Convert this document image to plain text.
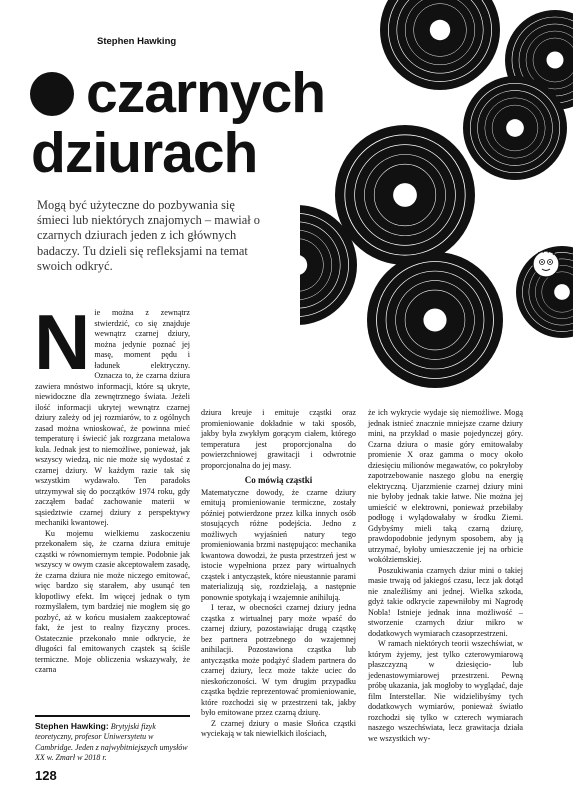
Stephen Hawking
czarnych
dziurach
Mogą być użyteczne do pozbywania się śmieci lub niektórych znajomych – mawiał o czarnych dziurach jeden z ich głównych badaczy. Tu dzieli się refleksjami na temat swoich odkryć.
N ie można z zewnątrz stwierdzić, co się znajduje wewnątrz czarnej dziury, można jedynie poznać jej masę, moment pędu i ładunek elektryczny. Oznacza to, że czarna dziura zawiera mnóstwo informacji, które są ukryte, niewidoczne dla zewnętrznego świata. Jeżeli ilość informacji ukrytej wewnątrz czarnej dziury zależy od jej rozmiarów, to z ogólnych zasad można wnioskować, że powinna mieć temperaturę i świecić jak rozgrzana metalowa kula. Jednak jest to niemożliwe, ponieważ, jak wszyscy wiedzą, nic nie może się wydostać z czarnej dziury. W każdym razie tak się wszystkim wydawało. Ten paradoks utrzymywał się do początków 1974 roku, gdy zacząłem badać zachowanie materii w sąsiedztwie czarnej dziury z perspektywy mechaniki kwantowej.

Ku mojemu wielkiemu zaskoczeniu przekonałem się, że czarna dziura emituje cząstki w równomiernym tempie. Podobnie jak wszyscy w owym czasie akceptowałem zasadę, że czarna dziura nie może niczego emitować, więc bardzo się starałem, aby usunąć ten kłopotliwy efekt. Im więcej jednak o tym rozmyślałem, tym bardziej nie mogłem się go pozbyć, aż w końcu musiałem zaakceptować fakt, że jest to realny fizyczny proces. Ostatecznie przekonało mnie odkrycie, że długości fal emitowanych cząstek są ściśle termiczne. Moje obliczenia wskazywały, że czarna

dziura kreuje i emituje cząstki oraz promieniowanie dokładnie w taki sposób, jakby była zwykłym gorącym ciałem, którego temperatura jest proporcjonalna do powierzchniowej grawitacji i odwrotnie proporcjonalna do jej masy.

Co mówią cząstki

Matematyczne dowody, że czarne dziury emitują promieniowanie termiczne, zostały później potwierdzone przez kilka innych osób stosujących różne podejścia. Jedno z możliwych wyjaśnień natury tego promieniowania brzmi następująco: mechanika kwantowa dowodzi, że pusta przestrzeń jest w istocie wypełniona przez pary wirtualnych cząstek i antycząstek, które nieustannie parami materializują się, rozdzielają, a następnie ponownie spotykają i wzajemnie anihilują.

I teraz, w obecności czarnej dziury jedna cząstka z wirtualnej pary może wpaść do czarnej dziury, pozostawiając drugą cząstkę bez partnera potrzebnego do wzajemnej anihilacji. Pozostawiona cząstka lub antycząstka może podążyć śladem partnera do czarnej dziury, lecz może także uciec do nieskończoności. W tym drugim przypadku cząstka będzie reprezentować promieniowanie, które rozchodzi się w przestrzeni tak, jakby było emitowane przez czarną dziurę.

Z czarnej dziury o masie Słońca cząstki wyciekają w tak niewielkich ilościach,

że ich wykrycie wydaje się niemożliwe. Mogą jednak istnieć znacznie mniejsze czarne dziury mini, na przykład o masie pojedynczej góry. Czarna dziura o masie góry emitowałaby promienie X oraz gamma o mocy około dziesięciu milionów megawatów, co pokryłoby zapotrzebowanie naszego globu na energię elektryczną. Ujarzmienie czarnej dziury mini nie byłoby jednak takie łatwe. Nie można jej umieścić w elektrowni, ponieważ przebiłaby podłogę i wylądowałaby w środku Ziemi. Gdybyśmy mieli taką czarną dziurę, prawdopodobnie jedynym sposobem, aby ją utrzymać, byłoby umieszczenie jej na orbicie wokółziemskiej.

Poszukiwania czarnych dziur mini o takiej masie trwają od jakiegoś czasu, lecz jak dotąd nie znaleźliśmy ani jednej. Wielka szkoda, gdyż takie odkrycie zapewniłoby mi Nagrodę Nobla! Istnieje jednak inna możliwość – stworzenie czarnych dziur mikro w dodatkowych wymiarach czasoprzestrzeni.

W ramach niektórych teorii wszechświat, w którym żyjemy, jest tylko czterowymiarową płaszczyzną w dziesięcio- lub jedenastowymiarowej przestrzeni. Pewną próbę ukazania, jak mogłoby to wyglądać, daje film Interstellar. Nie widzielibyśmy tych dodatkowych wymiarów, ponieważ światło rozchodzi się tylko w czterech wymiarach naszego wszechświata, lecz grawitacja działa we wszystkich wy-

Stephen Hawking: Brytyjski fizyk teoretyczny, profesor Uniwersytetu w Cambridge. Jeden z najwybitniejszych umysłów XX w. Zmarł w 2018 r.
128
